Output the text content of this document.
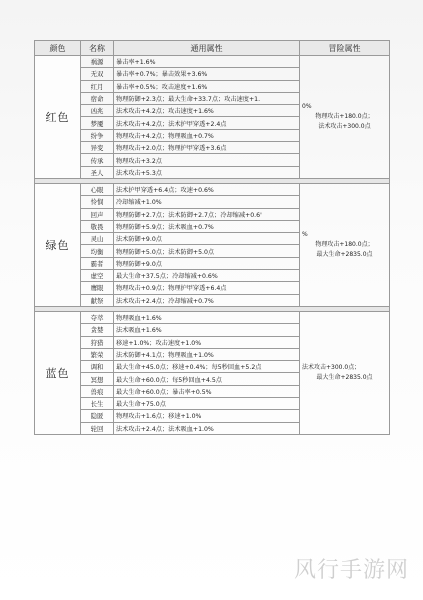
颜色	名称	通用属性	冒险属性
红色	祸源	暴击率+1.6%	0%
物理攻击+180.0点；
法术攻击+300.0点

	无双	暴击率+0.7%；暴击效果+3.6%	
	红月	暴击率+0.5%；攻击速度+1.6%	
	宿命	物理防御+2.3点；最大生命+33.7点；攻击速度+1.	
	凶兆	法术攻击+4.2点；攻击速度+1.6%	
	梦魇	法术攻击+4.2点；法术护甲穿透+2.4点	
	纷争	物理攻击+4.2点；物理吸血+0.7%	
	异变	物理攻击+2.0点；物理护甲穿透+3.6点	
	传承	物理攻击+3.2点	
	圣人	法术攻击+5.3点	

绿色	心眼	法术护甲穿透+6.4点；攻速+0.6%	%
物理攻击+180.0点；
最大生命+2835.0点

	怜悯	冷却缩减+1.0%	
	回声	物理防御+2.7点；法术防御+2.7点；冷却缩减+0.6'	
	敬畏	物理防御+5.9点；法术吸血+0.7%	
	灵山	法术防御+9.0点	
	均衡	物理防御+5.0点；法术防御+5.0点	
	霸者	物理防御+9.0点	
	虚空	最大生命+37.5点；冷却缩减+0.6%	
	鹰眼	物理攻击+0.9点；物理护甲穿透+6.4点	
	献祭	法术攻击+2.4点；冷却缩减+0.7%	

蓝色	夺萃	物理吸血+1.6%	法术攻击+300.0点；
最大生命+2835.0点

	贪婪	法术吸血+1.6%	
	狩猎	移速+1.0%；攻击速度+1.0%	
	繁荣	法术防御+4.1点；物理吸血+1.0%	
	调和	最大生命+45.0点；移速+0.4%；每5秒回血+5.2点	
	冥想	最大生命+60.0点；每5秒回血+4.5点	
	兽痕	最大生命+60.0点；暴击率+0.5%	
	长生	最大生命+75.0点	
	隐匿	物理攻击+1.6点；移速+1.0%	
	轮回	法术攻击+2.4点；法术吸血+1.0%	
风行手游网
